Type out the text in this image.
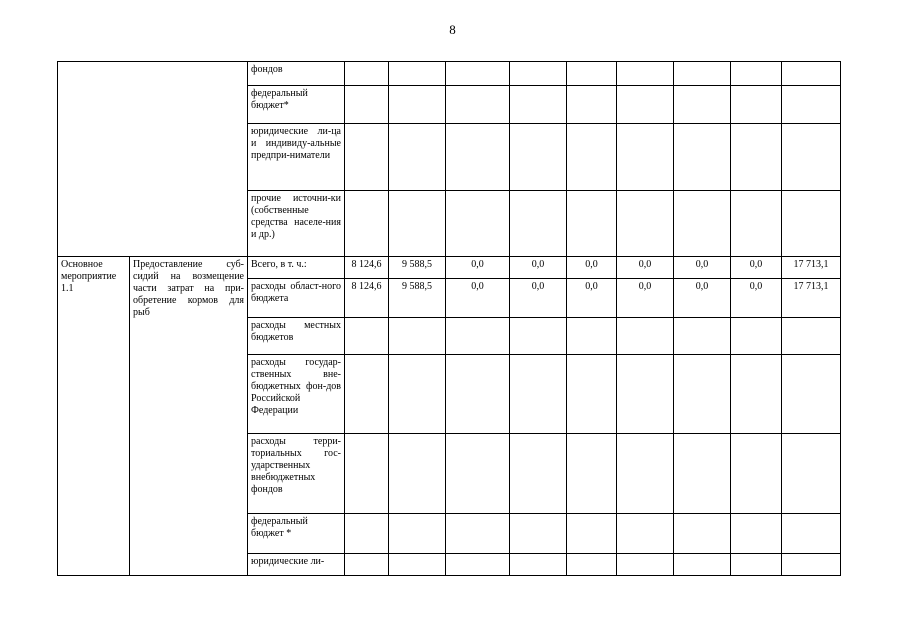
8
		фондов									
		федеральный бюджет*									
		юридические ли-ца и индивиду-альные предпри-ниматели									
		прочие источни-ки (собственные средства населе-ния и др.)									
Основное мероприятие 1.1	Предоставление суб-сидий на возмещение части затрат на при-обретение кормов для рыб	Всего, в т. ч.:	8 124,6	9 588,5	0,0	0,0	0,0	0,0	0,0	0,0	17 713,1
		расходы област-ного бюджета	8 124,6	9 588,5	0,0	0,0	0,0	0,0	0,0	0,0	17 713,1
		расходы местных бюджетов									
		расходы государ-ственных вне-бюджетных фон-дов Российской Федерации									
		расходы терри-ториальных гос-ударственных внебюджетных фондов									
		федеральный бюджет *									
		юридические ли-									
